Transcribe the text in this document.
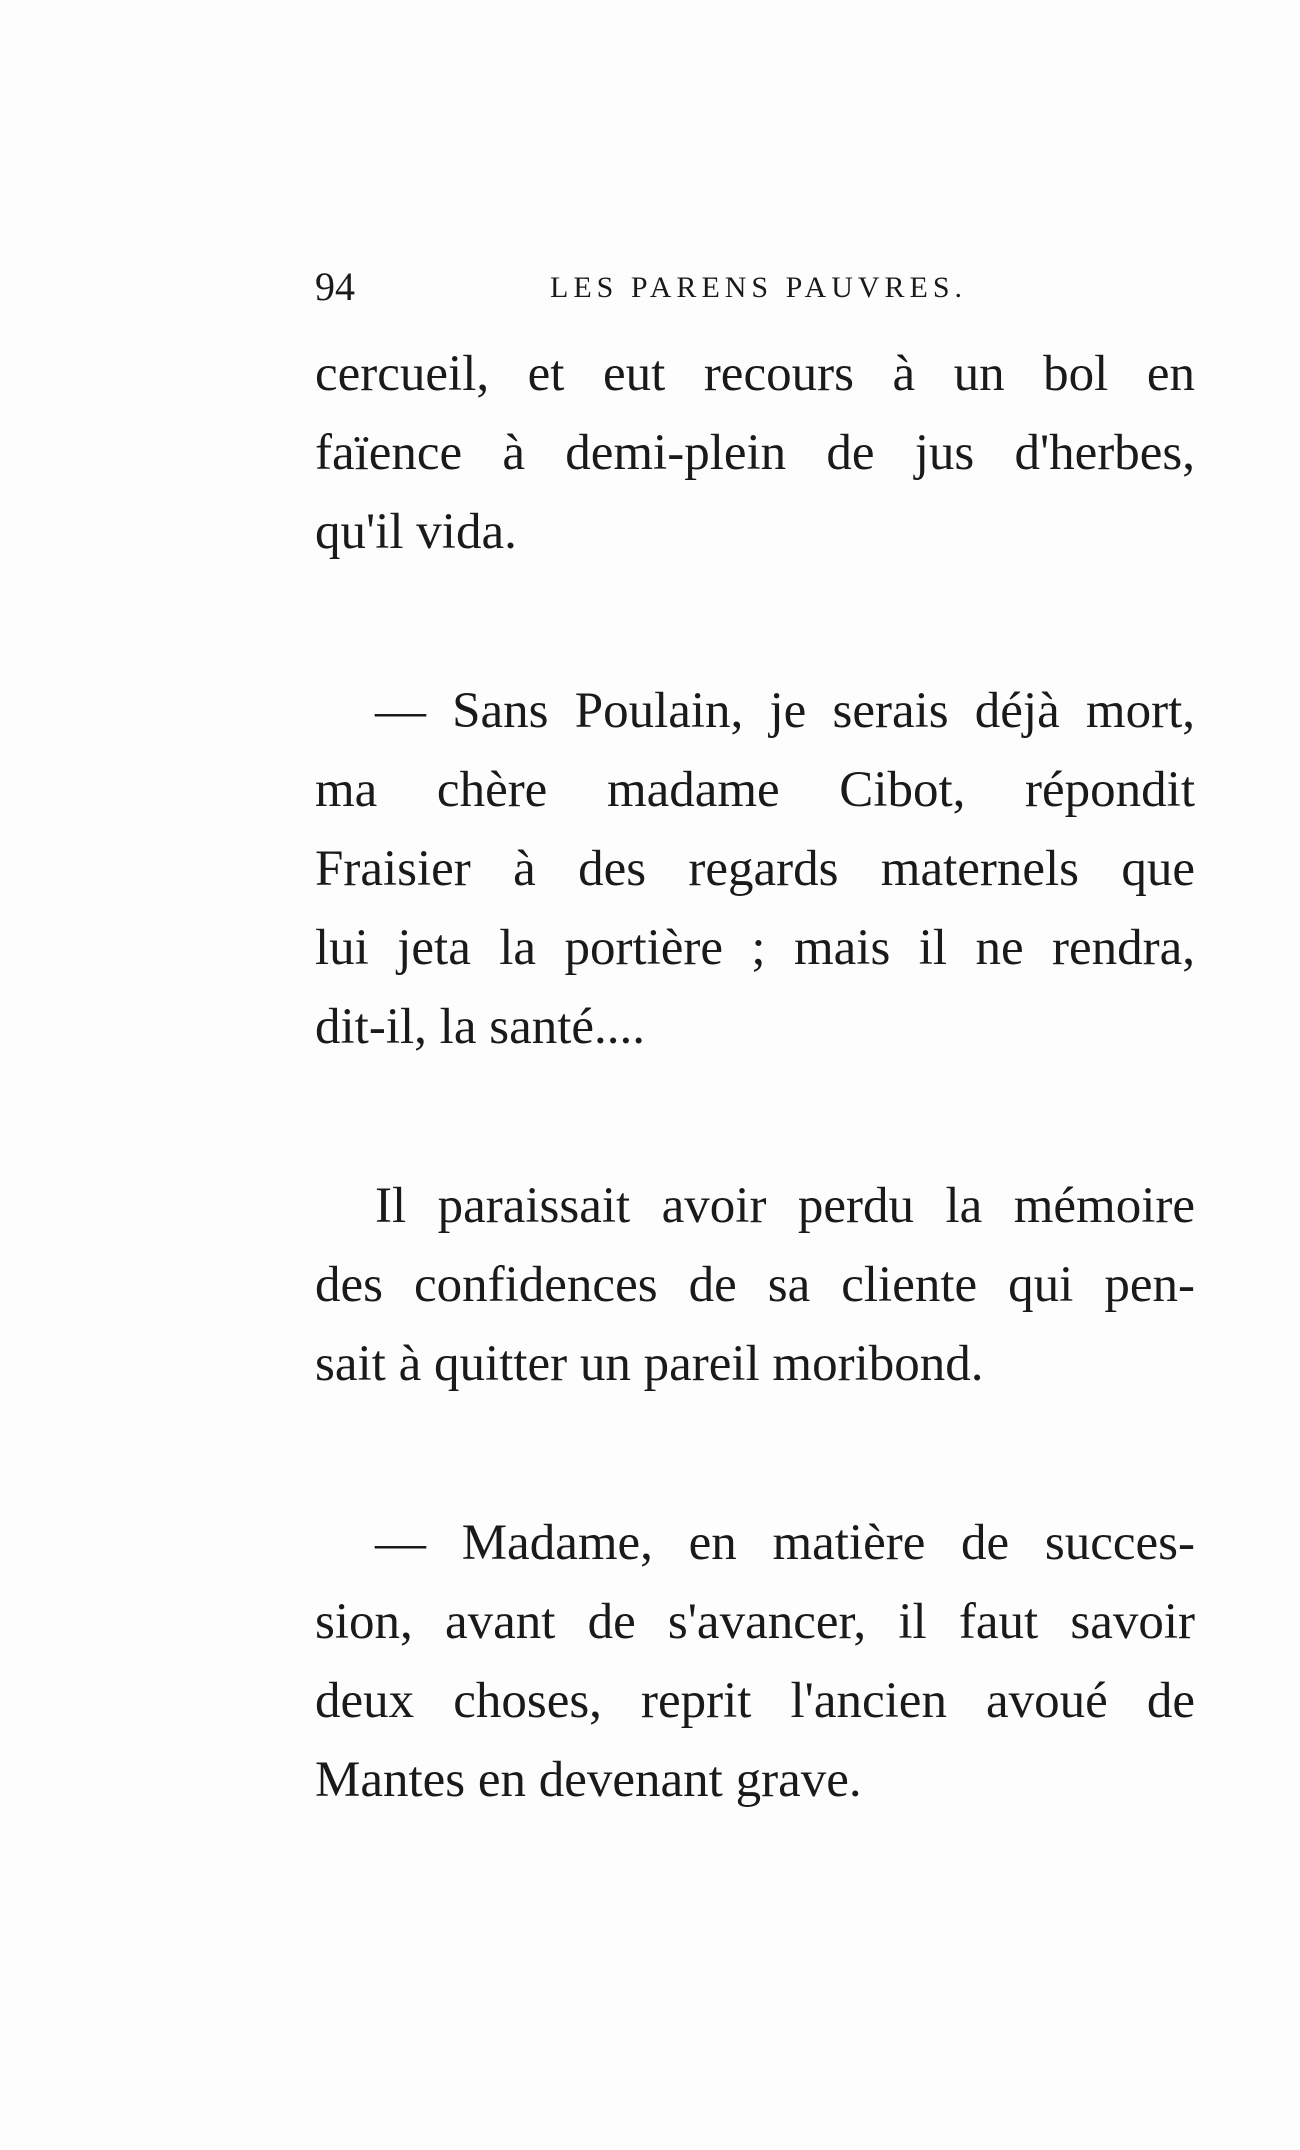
94	LES PARENS PAUVRES.
cercueil, et eut recours à un bol en
faïence à demi-plein de jus d'herbes,
qu'il vida.
— Sans Poulain, je serais déjà mort,
ma chère madame Cibot, répondit
Fraisier à des regards maternels que
lui jeta la portière ; mais il ne rendra,
dit-il, la santé....
Il paraissait avoir perdu la mémoire
des confidences de sa cliente qui pen-
sait à quitter un pareil moribond.
— Madame, en matière de succes-
sion, avant de s'avancer, il faut savoir
deux choses, reprit l'ancien avoué de
Mantes en devenant grave.
